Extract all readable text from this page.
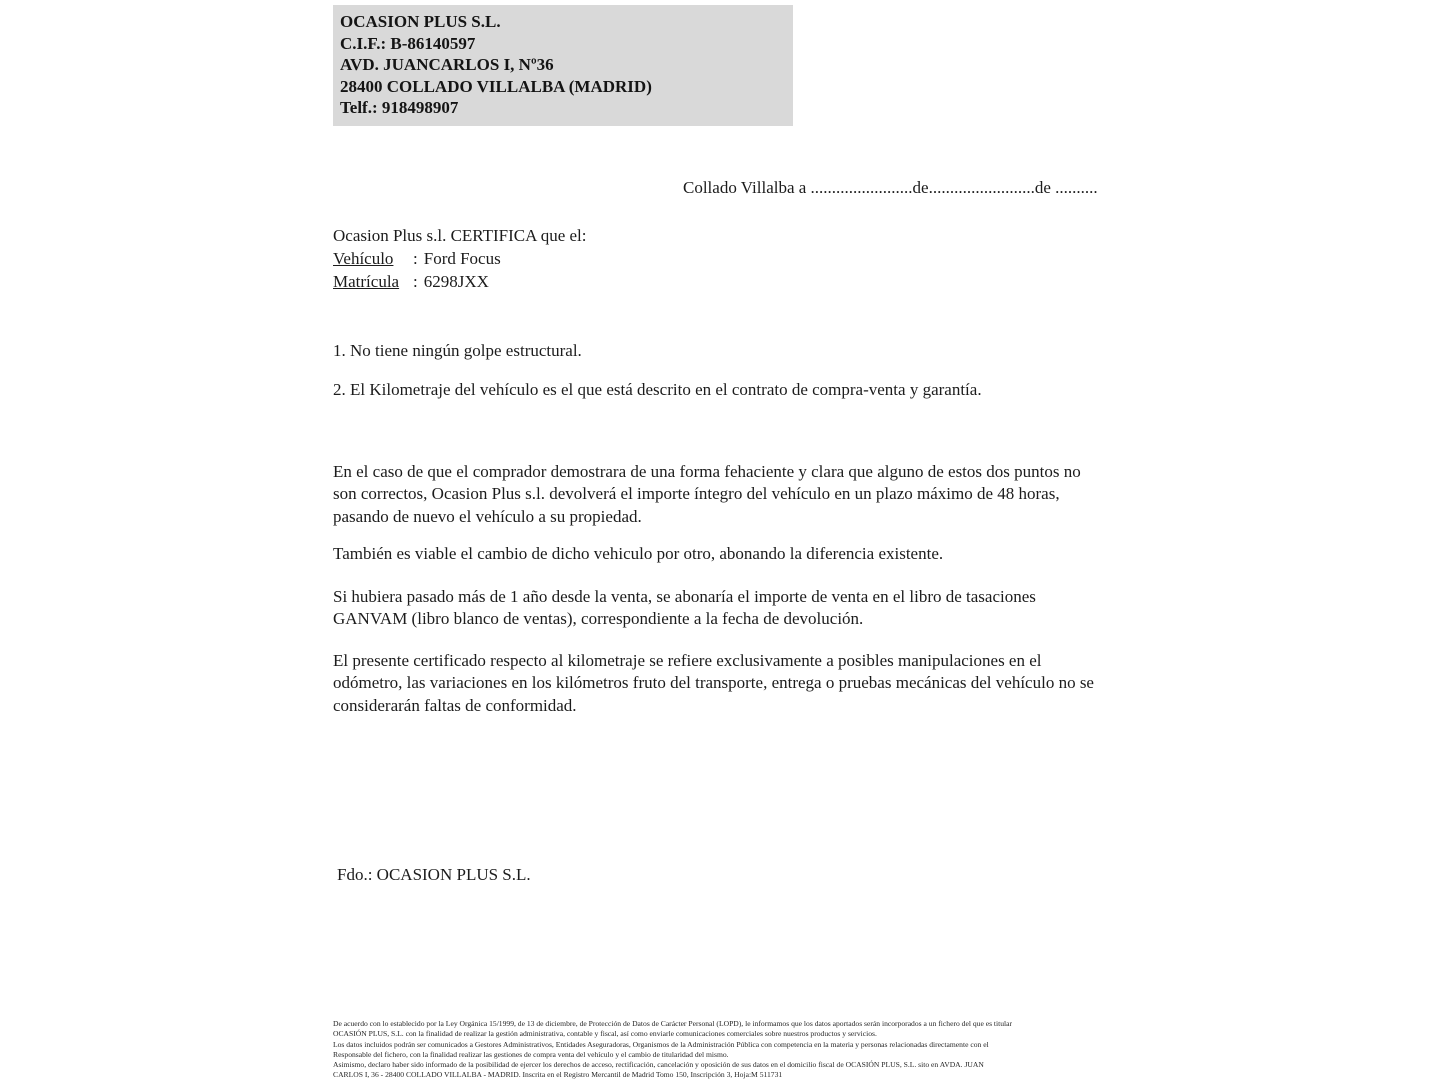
OCASION PLUS S.L.
C.I.F.: B-86140597
AVD. JUANCARLOS I, Nº36
28400 COLLADO VILLALBA (MADRID)
Telf.: 918498907
Collado Villalba a ........................de.........................de ..........
Ocasion Plus s.l. CERTIFICA que el:
Vehículo : Ford Focus
Matrícula : 6298JXX
1. No tiene ningún golpe estructural.
2. El Kilometraje del vehículo es el que está descrito en el contrato de compra-venta y garantía.
En el caso de que el comprador demostrara de una forma fehaciente y clara que alguno de estos dos puntos no son correctos, Ocasion Plus s.l. devolverá el importe íntegro del vehículo en un plazo máximo de 48 horas, pasando de nuevo el vehículo a su propiedad.
También es viable el cambio de dicho vehiculo por otro, abonando la diferencia existente.
Si hubiera pasado más de 1 año desde la venta, se abonaría el importe de venta en el libro de tasaciones GANVAM (libro blanco de ventas), correspondiente a la fecha de devolución.
El presente certificado respecto al kilometraje se refiere exclusivamente a posibles manipulaciones en el odómetro, las variaciones en los kilómetros fruto del transporte, entrega o pruebas mecánicas del vehículo no se considerarán faltas de conformidad.
Fdo.: OCASION PLUS S.L.
De acuerdo con lo establecido por la Ley Orgánica 15/1999, de 13 de diciembre, de Protección de Datos de Carácter Personal (LOPD), le informamos que los datos aportados serán incorporados a un fichero del que es titular
OCASIÓN PLUS, S.L. con la finalidad de realizar la gestión administrativa, contable y fiscal, así como enviarle comunicaciones comerciales sobre nuestros productos y servicios.
Los datos incluidos podrán ser comunicados a Gestores Administrativos, Entidades Aseguradoras, Organismos de la Administración Pública con competencia en la materia y personas relacionadas directamente con el
Responsable del fichero, con la finalidad realizar las gestiones de compra venta del vehículo y el cambio de titularidad del mismo.
Asimismo, declaro haber sido informado de la posibilidad de ejercer los derechos de acceso, rectificación, cancelación y oposición de sus datos en el domicilio fiscal de OCASIÓN PLUS, S.L. sito en AVDA. JUAN
CARLOS I, 36 - 28400 COLLADO VILLALBA - MADRID. Inscrita en el Registro Mercantil de Madrid Tomo 150, Inscripción 3, Hoja:M 511731
